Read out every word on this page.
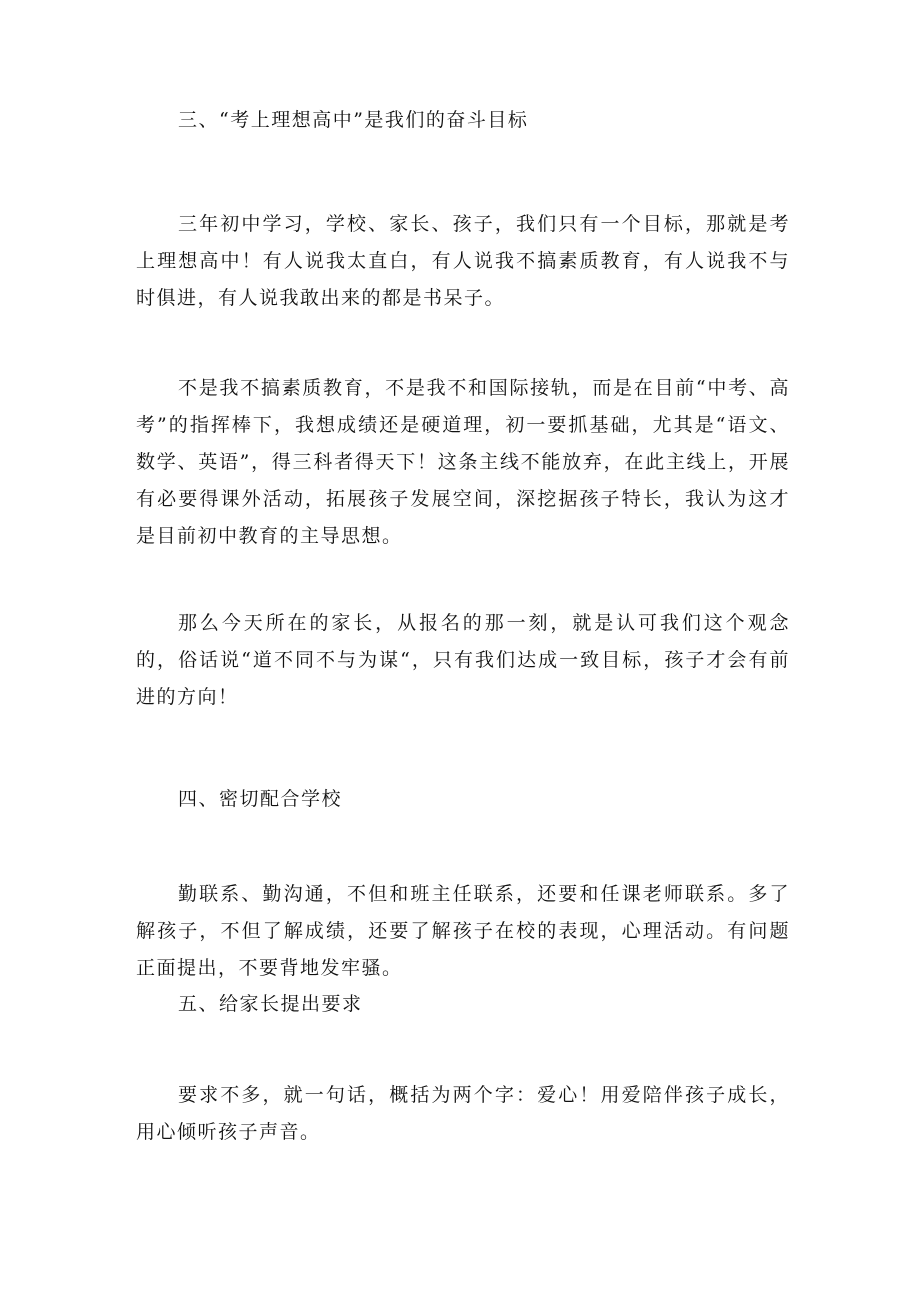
三、“考上理想高中”是我们的奋斗目标

三年初中学习，学校、家长、孩子，我们只有一个目标，那就是考上理想高中！有人说我太直白，有人说我不搞素质教育，有人说我不与时俱进，有人说我敢出来的都是书呆子。

不是我不搞素质教育，不是我不和国际接轨，而是在目前“中考、高考”的指挥棒下，我想成绩还是硬道理，初一要抓基础，尤其是“语文、数学、英语”，得三科者得天下！这条主线不能放弃，在此主线上，开展有必要得课外活动，拓展孩子发展空间，深挖据孩子特长，我认为这才是目前初中教育的主导思想。

那么今天所在的家长，从报名的那一刻，就是认可我们这个观念的，俗话说“道不同不与为谋“，只有我们达成一致目标，孩子才会有前进的方向！

四、密切配合学校

勤联系、勤沟通，不但和班主任联系，还要和任课老师联系。多了解孩子，不但了解成绩，还要了解孩子在校的表现，心理活动。有问题正面提出，不要背地发牢骚。

五、给家长提出要求

要求不多，就一句话，概括为两个字：爱心！用爱陪伴孩子成长，用心倾听孩子声音。
